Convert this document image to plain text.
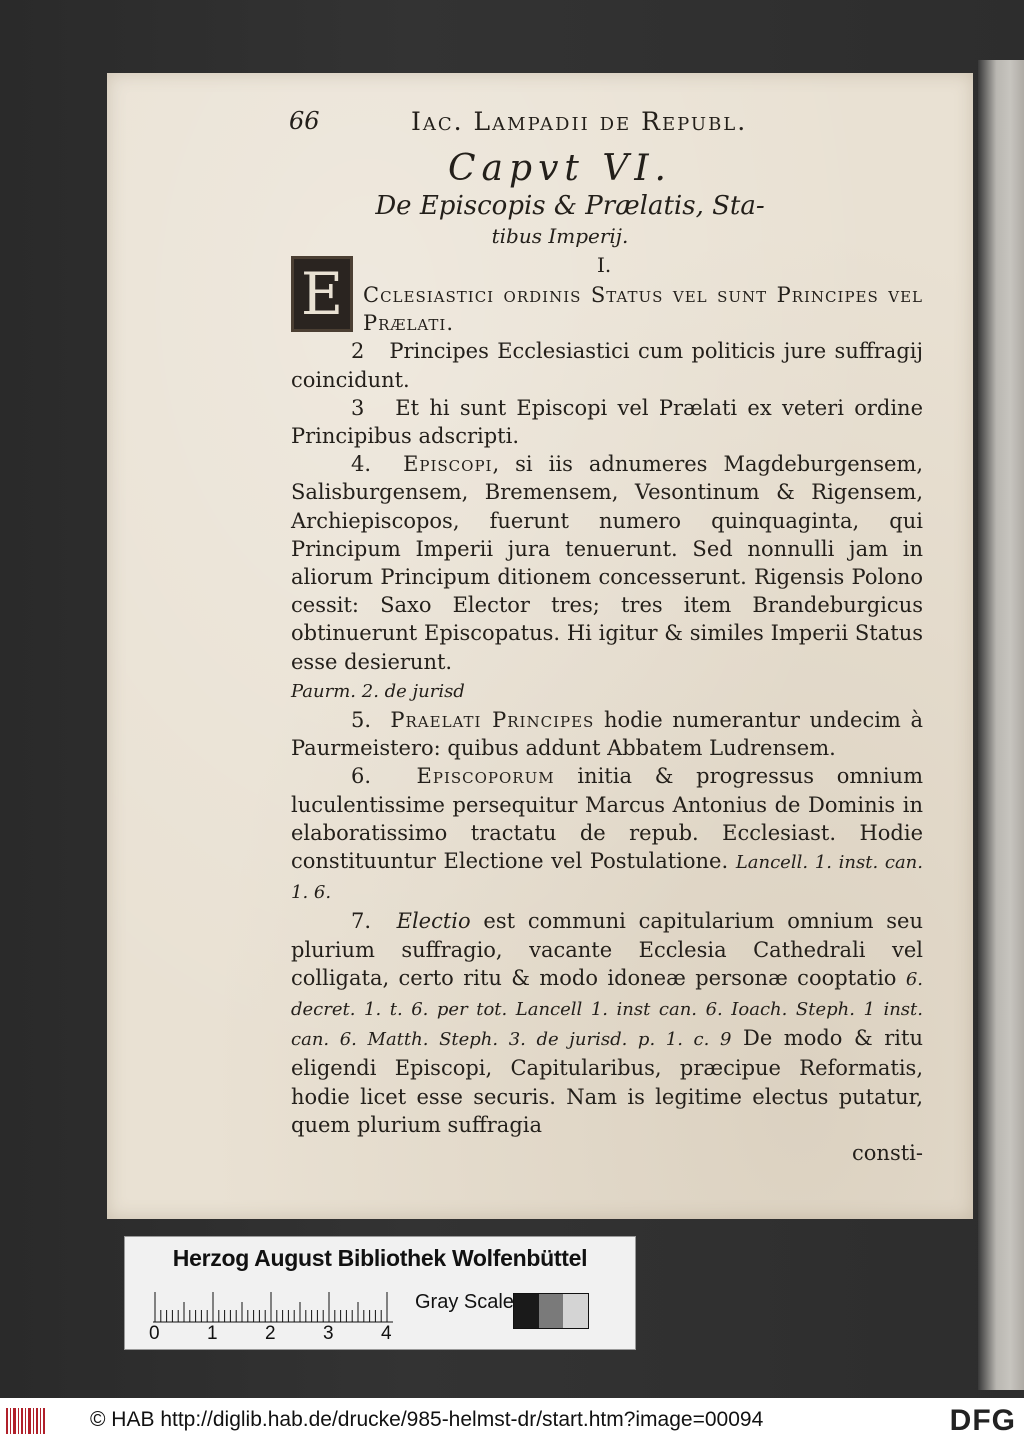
66	Iac. Lampadii de Republ.
Capvt VI.
De Episcopis & Prælatis, Sta-
tibus Imperij.
I.
E Cclesiastici ordinis Status vel sunt Principes vel Prælati.

2 Principes Ecclesiastici cum politicis jure suffragij coincidunt.

3 Et hi sunt Episcopi vel Prælati ex veteri ordine Principibus adscripti.

4. Episcopi, si iis adnumeres Magdeburgensem, Salisburgensem, Bremensem, Vesontinum & Rigensem, Archiepiscopos, fuerunt numero quinquaginta, qui Principum Imperii jura tenuerunt. Sed nonnulli jam in aliorum Principum ditionem concesserunt. Rigensis Polono cessit: Saxo Elector tres; tres item Brandeburgicus obtinuerunt Episcopatus. Hi igitur & similes Imperii Status esse desierunt.
Paurm. 2. de jurisd

5. Praelati Principes hodie numerantur undecim à Paurmeistero: quibus addunt Abbatem Ludrensem.

6. Episcoporum initia & progressus omnium luculentissime persequitur Marcus Antonius de Dominis in elaboratissimo tractatu de repub. Ecclesiast. Hodie constituuntur Electione vel Postulatione. Lancell. 1. inst. can. 1. 6.

7. Electio est communi capitularium omnium seu plurium suffragio, vacante Ecclesia Cathedrali vel colligata, certo ritu & modo idoneæ personæ cooptatio 6. decret. 1. t. 6. per tot. Lancell 1. inst can. 6. Ioach. Steph. 1 inst. can. 6. Matth. Steph. 3. de jurisd. p. 1. c. 9 De modo & ritu eligendi Episcopi, Capitularibus, præcipue Reformatis, hodie licet esse securis. Nam is legitime electus putatur, quem plurium suffragia

consti-

Herzog August Bibliothek Wolfenbüttel
0 1 2 3 4
Gray Scale
© HAB http://diglib.hab.de/drucke/985-helmst-dr/start.htm?image=00094	DFG
